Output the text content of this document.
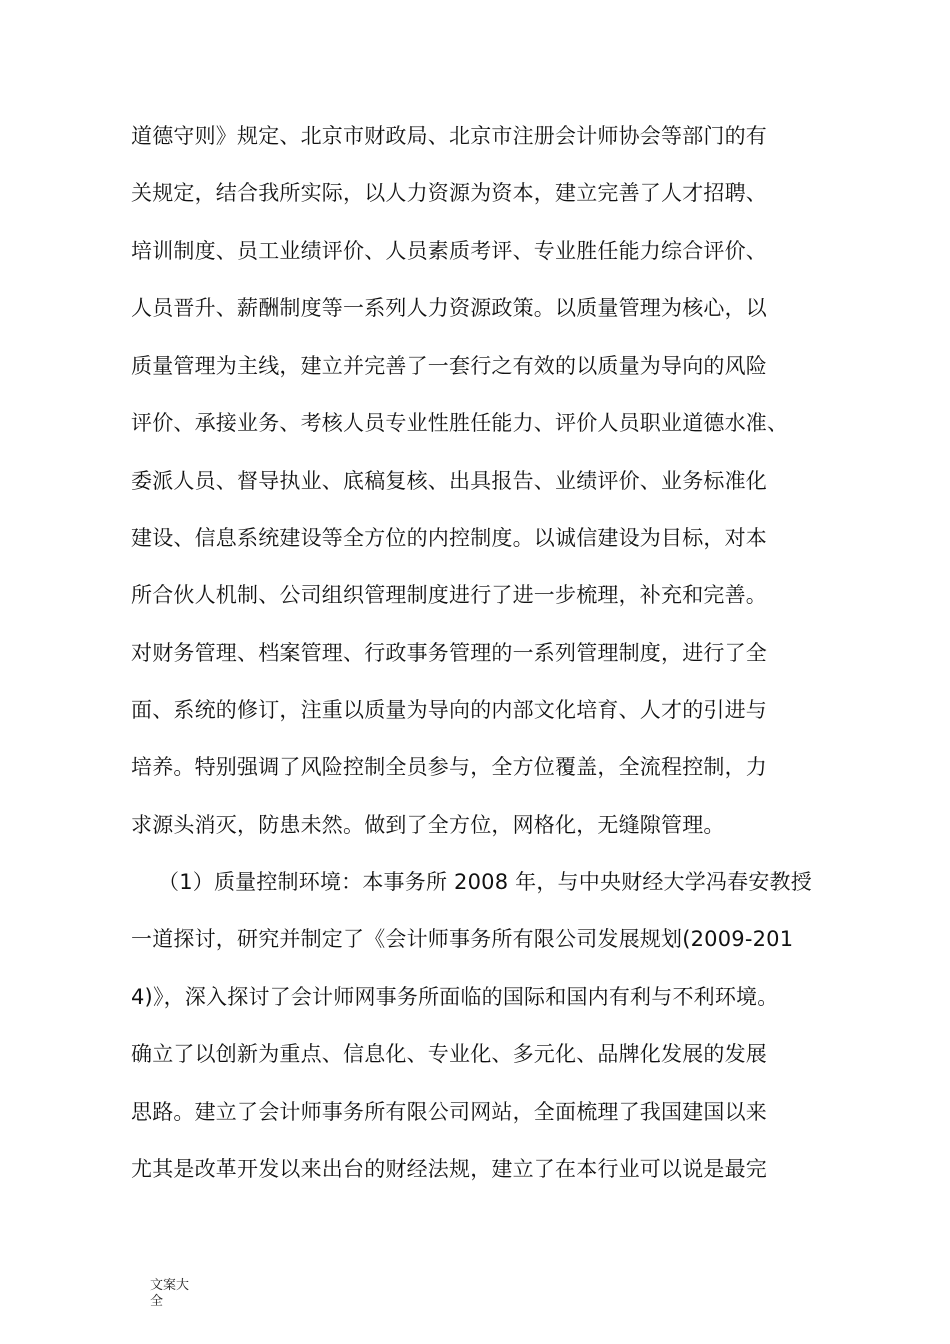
道德守则》规定、北京市财政局、北京市注册会计师协会等部门的有
关规定，结合我所实际，以人力资源为资本，建立完善了人才招聘、
培训制度、员工业绩评价、人员素质考评、专业胜任能力综合评价、
人员晋升、薪酬制度等一系列人力资源政策。以质量管理为核心，以
质量管理为主线，建立并完善了一套行之有效的以质量为导向的风险
评价、承接业务、考核人员专业性胜任能力、评价人员职业道德水准、
委派人员、督导执业、底稿复核、出具报告、业绩评价、业务标准化
建设、信息系统建设等全方位的内控制度。以诚信建设为目标，对本
所合伙人机制、公司组织管理制度进行了进一步梳理，补充和完善。
对财务管理、档案管理、行政事务管理的一系列管理制度，进行了全
面、系统的修订，注重以质量为导向的内部文化培育、人才的引进与
培养。特别强调了风险控制全员参与，全方位覆盖，全流程控制，力
求源头消灭，防患未然。做到了全方位，网格化，无缝隙管理。
（1）质量控制环境：本事务所 2008 年，与中央财经大学冯春安教授
一道探讨，研究并制定了《会计师事务所有限公司发展规划(2009-201
4)》，深入探讨了会计师网事务所面临的国际和国内有利与不利环境。
确立了以创新为重点、信息化、专业化、多元化、品牌化发展的发展
思路。建立了会计师事务所有限公司网站，全面梳理了我国建国以来
尤其是改革开发以来出台的财经法规，建立了在本行业可以说是最完
文案大
全
